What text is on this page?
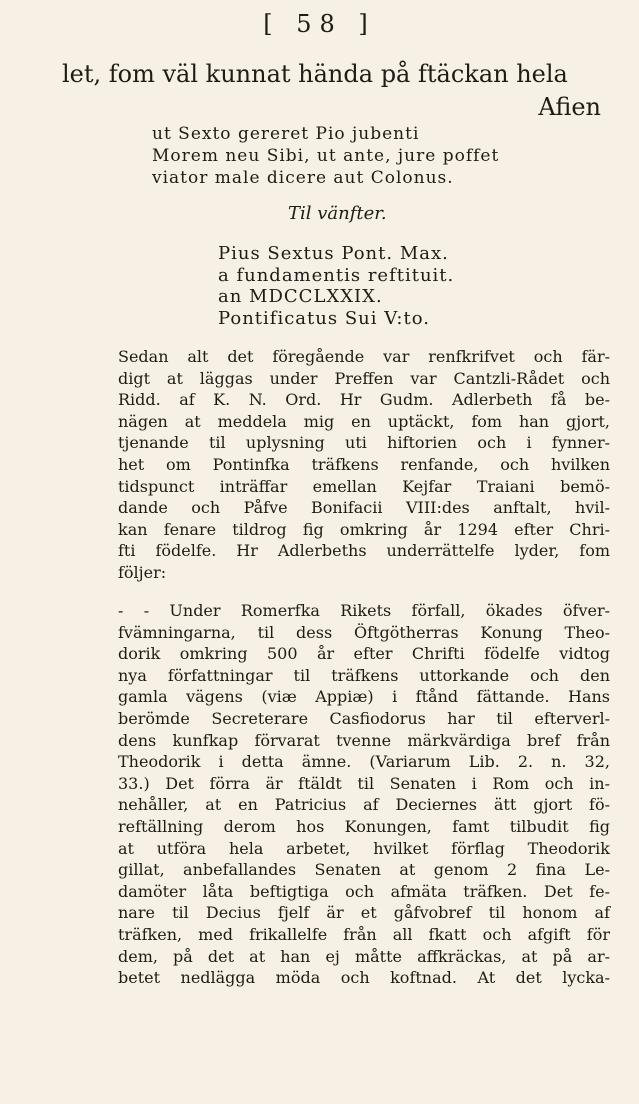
[ 58 ]
let, fom väl kunnat hända på ftäckan hela
Afien
ut Sexto gereret Pio jubenti
Morem neu Sibi, ut ante, jure poffet
viator male dicere aut Colonus.
Til vänfter.
Pius Sextus Pont. Max.
a fundamentis reftituit.
an MDCCLXXIX.
Pontificatus Sui V:to.
Sedan alt det föregående var renfkrifvet och fär-
digt at läggas under Preffen var Cantzli-Rådet och
Ridd. af K. N. Ord. Hr Gudm. Adlerbeth få be-
nägen at meddela mig en uptäckt, fom han gjort,
tjenande til uplysning uti hiftorien och i fynner-
het om Pontinfka träfkens renfande, och hvilken
tidspunct inträffar emellan Kejfar Traiani bemö-
dande och Påfve Bonifacii VIII:des anftalt, hvil-
kan fenare tildrog fig omkring år 1294 efter Chri-
fti födelfe. Hr Adlerbeths underrättelfe lyder, fom
följer:
- - Under Romerfka Rikets förfall, ökades öfver-
fvämningarna, til dess Öftgötherras Konung Theo-
dorik omkring 500 år efter Chrifti födelfe vidtog
nya författningar til träfkens uttorkande och den
gamla vägens (viæ Appiæ) i ftånd fättande. Hans
berömde Secreterare Casfiodorus har til efterverl-
dens kunfkap förvarat tvenne märkvärdiga bref från
Theodorik i detta ämne. (Variarum Lib. 2. n. 32,
33.) Det förra är ftäldt til Senaten i Rom och in-
nehåller, at en Patricius af Deciernes ätt gjort fö-
reftällning derom hos Konungen, famt tilbudit fig
at utföra hela arbetet, hvilket förflag Theodorik
gillat, anbefallandes Senaten at genom 2 fina Le-
damöter låta beftigtiga och afmäta träfken. Det fe-
nare til Decius fjelf är et gåfvobref til honom af
träfken, med frikallelfe från all fkatt och afgift för
dem, på det at han ej måtte affkräckas, at på ar-
betet nedlägga möda och koftnad. At det lycka-
